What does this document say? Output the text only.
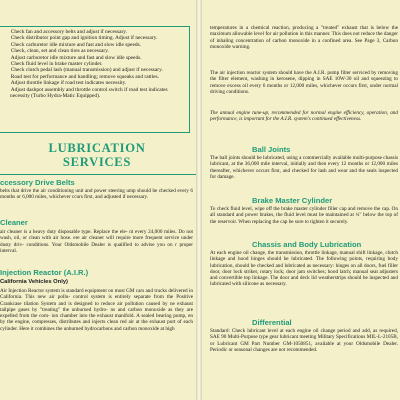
— Check fan and accessory belts and adjust if necessary.
— Check distributor point gap and ignition timing. Adjust if necessary.
— Check carburetor idle mixture and fast and slow idle speeds.
— Check, clean, set and clean tires as necessary.
— Adjust carburetor idle mixture and fast and slow idle speeds.
— Check fluid level in brake master cylinder.
— Check clutch pedal lash (manual transmission) and adjust if necessary.
— Road test for performance and handling; remove squeaks and rattles.
— Adjust throttle linkage if road test indicates necessity.
— Adjust dashpot assembly and throttle control switch if road test indicates necessity (Turbo Hydra-Matic Equipped).
LUBRICATION
SERVICES
ccessory Drive Belts
belts that drive the air conditioning unit and power steering ump should be checked every 6 months or 6,000 miles, whichever ccurs first, and adjusted if necessary.
Cleaner
air cleaner is a heavy duty disposable type. Replace the ele- nt every 24,000 miles. Do not wash, oil, or clean with air hose. ere air cleaner will require more frequent service under dusty driv- conditions. Your Oldsmobile Dealer is qualified to advise you on r proper interval.
Injection Reactor (A.I.R.)
California Vehicles Only)
Air Injection Reactor system is standard equipment on most GM cars and trucks delivered in California. This new air pollu- control system is entirely separate from the Positive Crankcase tilation System and is designed to reduce air pollution caused by ne exhaust tailpipe gases by "treating" the unburned hydro- ns and carbon monoxide as they are expelled from the com- ion chamber into the exhaust manifold. A sealed bearing pump, en by the engine, compresses, distributes and injects clean red air at the exhaust port of each cylinder. Here it combines the unburned hydrocarbons and carbon monoxide at high
temperatures in a chemical reaction, producing a "treated" exhaust that is below the maximum allowable level for air pollution in this manner. This does not reduce the danger of inhaling concentration of carbon monoxide in a confined area. See Page 3, Carbon monoxide warning.
The air injection reactor system should have the A.I.R. pump filter serviced by removing the filter element, washing in kerosene, dipping in SAE 10W-30 oil and squeezing to remove excess oil every 6 months or 12,000 miles, whichever occurs first, under normal driving conditions.
The annual engine tune-up, recommended for normal engine efficiency, operation, and performance, is important for the A.I.R. system's continued effectiveness.
Ball Joints
The ball joints should be lubricated, using a commercially available multi-purpose chassis lubricant, at the 36,000 mile interval, initially and then every 12 months or 12,000 miles thereafter, whichever occurs first, and checked for lash and wear and the seals inspected for damage.
Brake Master Cylinder
To check fluid level, wipe off the brake master cylinder filler cap and remove the cap. On all standard and power brakes, the fluid level must be maintained at ¼" below the top of the reservoir. When replacing the cap be sure to tighten it securely.
Chassis and Body Lubrication
At each engine oil change, the transmission, throttle linkage, manual shift linkage, clutch linkage and hood hinges should be lubricated. The following points, requiring body lubrication, should be checked and lubricated as necessary: hinges on all doors, fuel filler door, door lock striker, rotary lock; door jam switches; hood latch; manual seat adjusters and convertible top linkage. The door and deck lid weatherstrips should be inspected and lubricated with silicone as necessary.
Differential
Standard: Check lubricant level at each engine oil change period and add, as required, SAE 90 Multi-Purpose type gear lubricant meeting Military Specifications MIL-L-2105B, or Lubricant GM Part Number GM-1050851, available at your Oldsmobile Dealer. Periodic or seasonal changes are not recommended.
